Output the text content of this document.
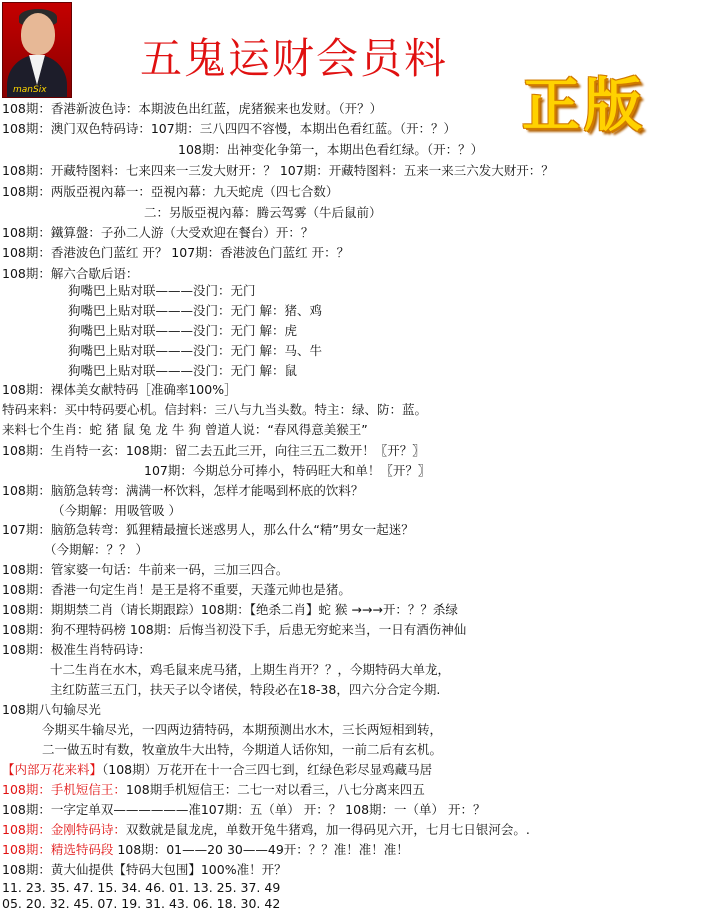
manSix
五鬼运财会员料
正版
108期：香港新波色诗：本期波色出红蓝，虎猪猴来也发财。（开？）
108期：澳门双色特码诗：107期：三八四四不容慢，本期出色看红蓝。（开：？）
108期：出神变化争第一，本期出色看红绿。（开：？）
108期：开藏特图料：七来四来一三发大财开：？ 107期：开藏特图料：五来一来三六发大财开：？
108期：两版亞視內幕一：亞視內幕：九天蛇虎（四七合数）
二：另版亞視內幕：腾云驾雾（牛后鼠前）
108期：鐵算盤：子孙二人游（大受欢迎在餐台）开：？
108期：香港波色门蓝红 开？ 107期：香港波色门蓝红 开：？
108期：解六合歇后语：
狗嘴巴上贴对联———没门：无门
狗嘴巴上贴对联———没门：无门 解：猪、鸡
狗嘴巴上贴对联———没门：无门 解：虎
狗嘴巴上贴对联———没门：无门 解：马、牛
狗嘴巴上贴对联———没门：无门 解：鼠
108期：裸体美女献特码［准确率100%］
特码来料：买中特码要心机。信封料：三八与九当头数。特主：绿、防：蓝。
来料七个生肖：蛇 猪 鼠 兔 龙 牛 狗 曾道人说：“春风得意美猴王”
108期：生肖特一玄：108期：留二去五此三开，向往三五二数开！〖开？〗
107期：今期总分可捧小，特码旺大和单！〖开？〗
108期：脑筋急转弯：满满一杯饮料，怎样才能喝到杯底的饮料？
（今期解：用吸管吸 ）
107期：脑筋急转弯：狐狸精最擅长迷惑男人，那么什么“精”男女一起迷？
（今期解：？？ ）
108期：管家婆一句话：牛前来一码，三加三四合。
108期：香港一句定生肖！是王是将不重要，天蓬元帅也是猪。
108期：期期禁二肖（请长期跟踪）108期：【绝杀二肖】蛇 猴 →→→开：？？杀绿
108期：狗不理特码榜 108期：后悔当初没下手，后患无穷蛇来当，一日有酒伤神仙
108期：极准生肖特码诗：
十二生肖在水木，鸡毛鼠来虎马猪，上期生肖开？？，今期特码大单龙，
主红防蓝三五门，扶天子以令诸侯，特段必在18-38，四六分合定今期.
108期八句输尽光
今期买牛输尽光，一四两边猜特码，本期预测出水木，三长两短相到转，
二一做五时有数，牧童放牛大出特，今期道人话你知，一前二后有玄机。
【内部万花来料】（108期）万花开在十一合三四七到，红绿色彩尽显鸡藏马居
108期：手机短信王：108期手机短信王：二七一对以看三，八七分离来四五
108期：一字定单双——————准107期：五（单） 开：？ 108期：一（单） 开：？
108期：金刚特码诗：双数就是鼠龙虎，单数开兔牛猪鸡，加一得码见六开，七月七日银河会。.
108期：精选特码段 108期：01——20 30——49开：？？准！准！准！
108期：黄大仙提供【特码大包围】100%准！开？
11. 23. 35. 47. 15. 34. 46. 01. 13. 25. 37. 49
05. 20. 32. 45. 07. 19. 31. 43. 06. 18. 30. 42
